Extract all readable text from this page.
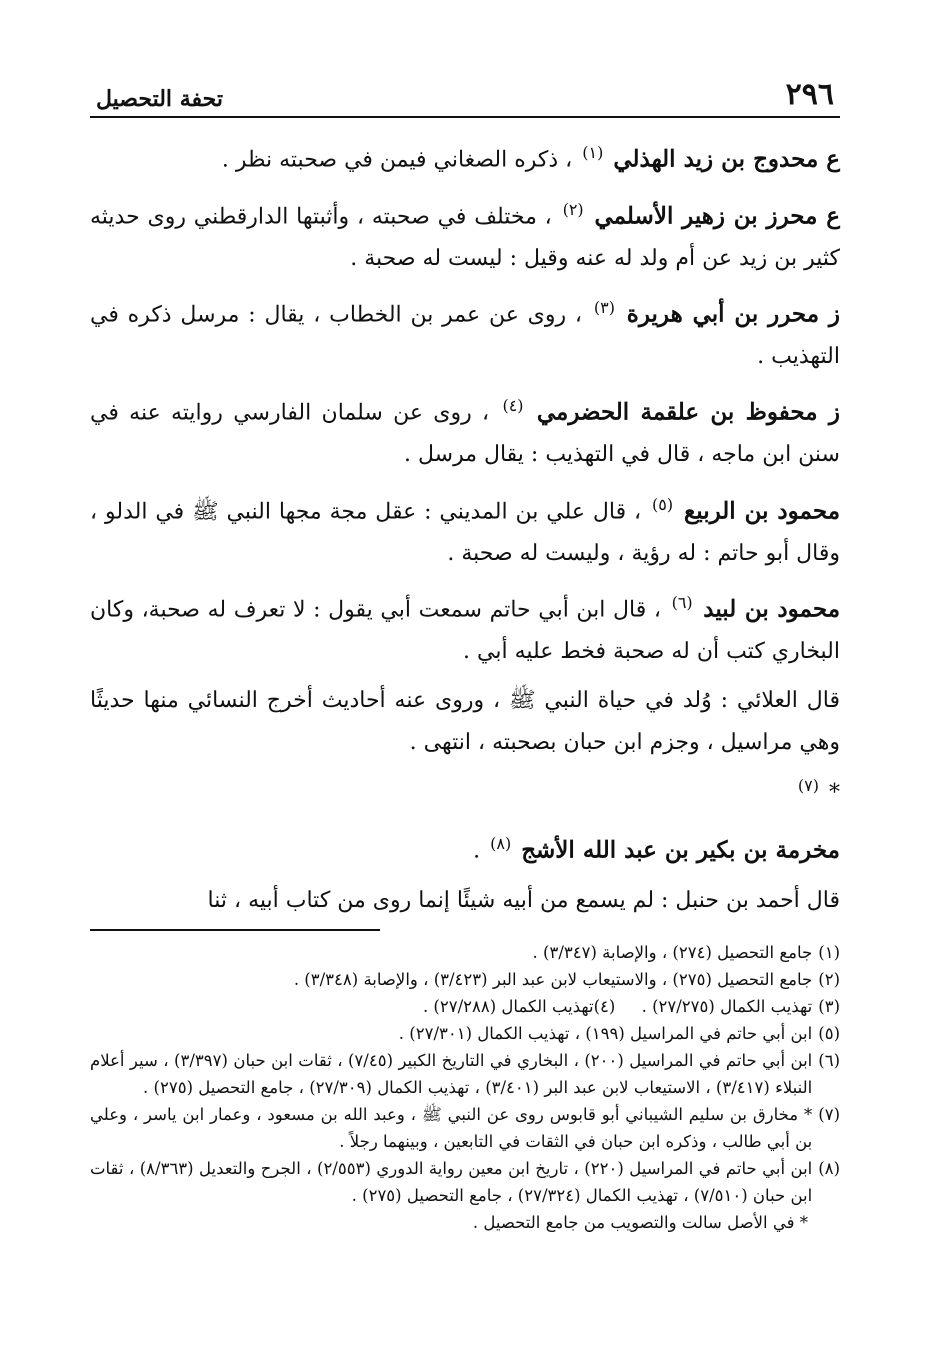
٢٩٦
تحفة التحصيل

ع محدوج بن زيد الهذلي $^{(١)}$ ، ذكره الصغاني فيمن في صحبته نظر .

ع محرز بن زهير الأسلمي $^{(٢)}$ ، مختلف في صحبته ، وأثبتها الدارقطني روى حديثه كثير بن زيد عن أم ولد له عنه وقيل : ليست له صحبة .

ز محرر بن أبي هريرة $^{(٣)}$ ، روى عن عمر بن الخطاب ، يقال : مرسل ذكره في التهذيب .

ز محفوظ بن علقمة الحضرمي $^{(٤)}$ ، روى عن سلمان الفارسي روايته عنه في سنن ابن ماجه ، قال في التهذيب : يقال مرسل .

محمود بن الربيع $^{(٥)}$ ، قال علي بن المديني : عقل مجة مجها النبي ﷺ في الدلو ، وقال أبو حاتم : له رؤية ، وليست له صحبة .

محمود بن لبيد $^{(٦)}$ ، قال ابن أبي حاتم سمعت أبي يقول : لا تعرف له صحبة، وكان البخاري كتب أن له صحبة فخط عليه أبي .

قال العلائي : وُلد في حياة النبي ﷺ ، وروى عنه أحاديث أخرج النسائي منها حديثًا وهي مراسيل ، وجزم ابن حبان بصحبته ، انتهى .

* $^{(٧)}$

مخرمة بن بكير بن عبد الله الأشج $^{(٨)}$ .

قال أحمد بن حنبل : لم يسمع من أبيه شيئًا إنما روى من كتاب أبيه ، ثنا

(١)
جامع التحصيل (٢٧٤) ، والإصابة (٣/٣٤٧) .
(٢)
جامع التحصيل (٢٧٥) ، والاستيعاب لابن عبد البر (٣/٤٢٣) ، والإصابة (٣/٣٤٨) .
(٣)
تهذيب الكمال (٢٧/٢٧٥) .     (٤)تهذيب الكمال (٢٧/٢٨٨) .
(٥)
ابن أبي حاتم في المراسيل (١٩٩) ، تهذيب الكمال (٢٧/٣٠١) .
(٦)
ابن أبي حاتم في المراسيل (٢٠٠) ، البخاري في التاريخ الكبير (٧/٤٥) ، ثقات ابن حبان (٣/٣٩٧) ، سير أعلام النبلاء (٣/٤١٧) ، الاستيعاب لابن عبد البر (٣/٤٠١) ، تهذيب الكمال (٢٧/٣٠٩) ، جامع التحصيل (٢٧٥) .
(٧)
* مخارق بن سليم الشيباني أبو قابوس روى عن النبي ﷺ ، وعبد الله بن مسعود ، وعمار ابن ياسر ، وعلي بن أبي طالب ، وذكره ابن حبان في الثقات في التابعين ، وبينهما رجلاً .
(٨)
ابن أبي حاتم في المراسيل (٢٢٠) ، تاريخ ابن معين رواية الدوري (٢/٥٥٣) ، الجرح والتعديل (٨/٣٦٣) ، ثقات ابن حبان (٧/٥١٠) ، تهذيب الكمال (٢٧/٣٢٤) ، جامع التحصيل (٢٧٥) .
* في الأصل سالت والتصويب من جامع التحصيل .
